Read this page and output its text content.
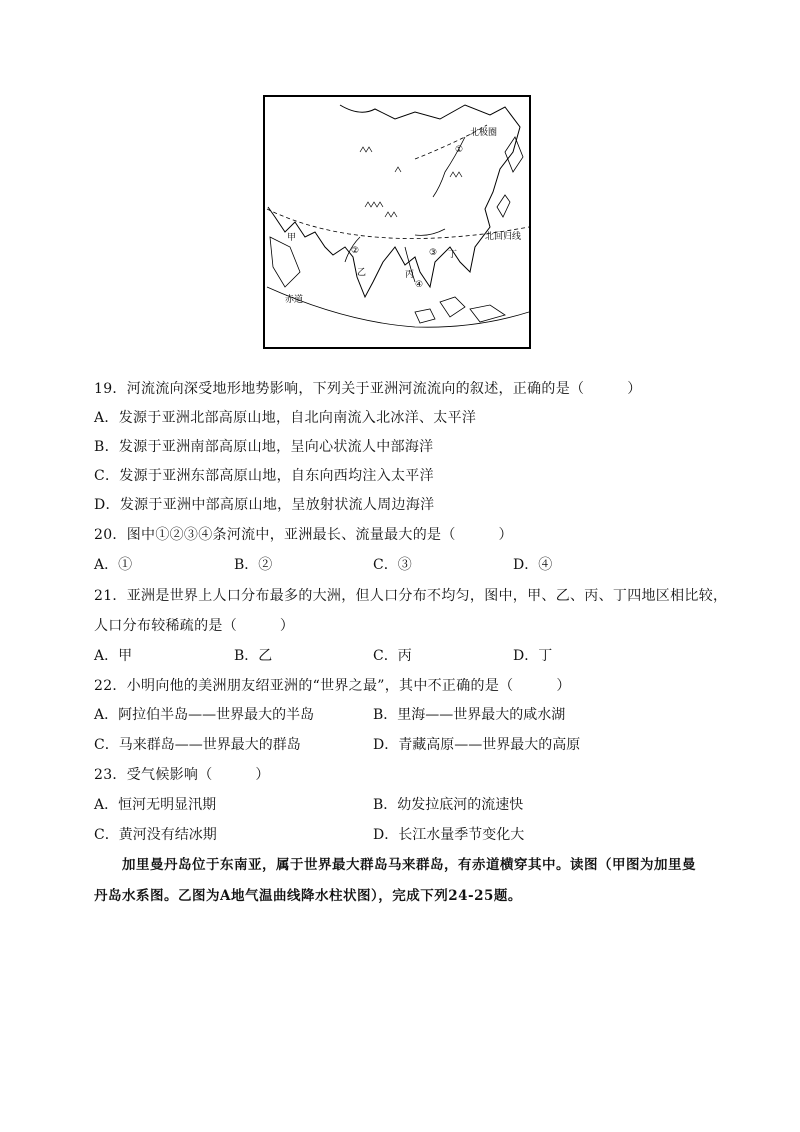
北极圈
北回归线
赤道
甲
乙	丙
丁
①
②	③
④
19．河流流向深受地形地势影响，下列关于亚洲河流流向的叙述，正确的是（　　　）
A．发源于亚洲北部高原山地，自北向南流入北冰洋、太平洋
B．发源于亚洲南部高原山地，呈向心状流人中部海洋
C．发源于亚洲东部高原山地，自东向西均注入太平洋
D．发源于亚洲中部高原山地，呈放射状流人周边海洋
20．图中①②③④条河流中，亚洲最长、流量最大的是（　　　）
A．①	B．②	C．③	D．④
21．亚洲是世界上人口分布最多的大洲，但人口分布不均匀，图中，甲、乙、丙、丁四地区相比较，
人口分布较稀疏的是（　　　）
A．甲	B．乙	C．丙	D．丁
22．小明向他的美洲朋友绍亚洲的“世界之最”，其中不正确的是（　　　）
A．阿拉伯半岛——世界最大的半岛	B．里海——世界最大的咸水湖
C．马来群岛——世界最大的群岛	D．青藏高原——世界最大的高原
23．受气候影响（　　　）
A．恒河无明显汛期	B．幼发拉底河的流速快
C．黄河没有结冰期	D．长江水量季节变化大
加里曼丹岛位于东南亚，属于世界最大群岛马来群岛，有赤道横穿其中。读图（甲图为加里曼
丹岛水系图。乙图为A地气温曲线降水柱状图），完成下列24-25题。
